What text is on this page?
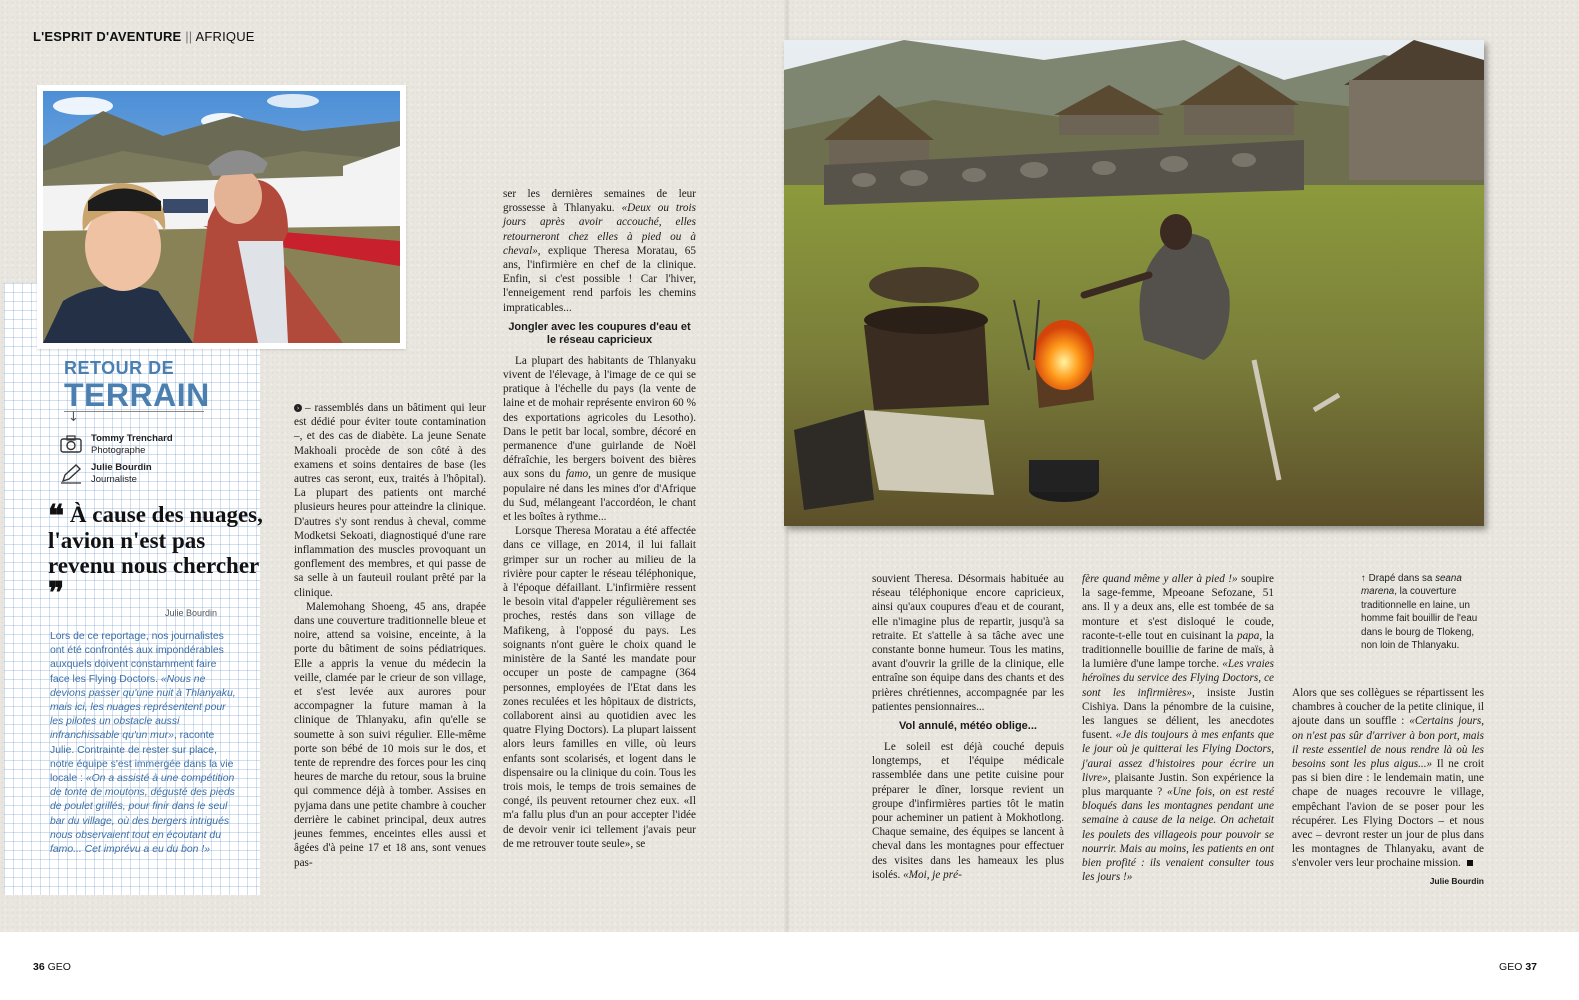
L'ESPRIT D'AVENTURE || AFRIQUE
RETOUR DE
TERRAIN
↓
Tommy Trenchard
Photographe
Julie Bourdin
Journaliste
❝ À cause des nuages, l'avion n'est pas revenu nous chercher ❞
Julie Bourdin
Lors de ce reportage, nos journalistes ont été confrontés aux impondérables auxquels doivent constamment faire face les Flying Doctors. «Nous ne devions passer qu'une nuit à Thlanyaku, mais ici, les nuages représentent pour les pilotes un obstacle aussi infranchissable qu'un mur», raconte Julie. Contrainte de rester sur place, notre équipe s'est immergée dans la vie locale : «On a assisté à une compétition de tonte de moutons, dégusté des pieds de poulet grillés, pour finir dans le seul bar du village, où des bergers intrigués nous observaient tout en écoutant du famo... Cet imprévu a eu du bon !»

› – rassemblés dans un bâtiment qui leur est dédié pour éviter toute contamination –, et des cas de diabète. La jeune Senate Makhoali procède de son côté à des examens et soins dentaires de base (les autres cas seront, eux, traités à l'hôpital). La plupart des patients ont marché plusieurs heures pour atteindre la clinique. D'autres s'y sont rendus à cheval, comme Modketsi Sekoati, diagnostiqué d'une rare inflammation des muscles provoquant un gonflement des membres, et qui passe de sa selle à un fauteuil roulant prêté par la clinique.

Malemohang Shoeng, 45 ans, drapée dans une couverture traditionnelle bleue et noire, attend sa voisine, enceinte, à la porte du bâtiment de soins pédiatriques. Elle a appris la venue du médecin la veille, clamée par le crieur de son village, et s'est levée aux aurores pour accompagner la future maman à la clinique de Thlanyaku, afin qu'elle se soumette à son suivi régulier. Elle-même porte son bébé de 10 mois sur le dos, et tente de reprendre des forces pour les cinq heures de marche du retour, sous la bruine qui commence déjà à tomber. Assises en pyjama dans une petite chambre à coucher derrière le cabinet principal, deux autres jeunes femmes, enceintes elles aussi et âgées d'à peine 17 et 18 ans, sont venues pas-

ser les dernières semaines de leur grossesse à Thlanyaku. «Deux ou trois jours après avoir accouché, elles retourneront chez elles à pied ou à cheval», explique Theresa Moratau, 65 ans, l'infirmière en chef de la clinique. Enfin, si c'est possible ! Car l'hiver, l'enneigement rend parfois les chemins impraticables...

Jongler avec les coupures d'eau et le réseau capricieux

La plupart des habitants de Thlanyaku vivent de l'élevage, à l'image de ce qui se pratique à l'échelle du pays (la vente de laine et de mohair représente environ 60 % des exportations agricoles du Lesotho). Dans le petit bar local, sombre, décoré en permanence d'une guirlande de Noël défraîchie, les bergers boivent des bières aux sons du famo, un genre de musique populaire né dans les mines d'or d'Afrique du Sud, mélangeant l'accordéon, le chant et les boîtes à rythme...

Lorsque Theresa Moratau a été affectée dans ce village, en 2014, il lui fallait grimper sur un rocher au milieu de la rivière pour capter le réseau téléphonique, à l'époque défaillant. L'infirmière ressent le besoin vital d'appeler régulièrement ses proches, restés dans son village de Mafikeng, à l'opposé du pays. Les soignants n'ont guère le choix quand le ministère de la Santé les mandate pour occuper un poste de campagne (364 personnes, employées de l'Etat dans les zones reculées et les hôpitaux de districts, collaborent ainsi au quotidien avec les quatre Flying Doctors). La plupart laissent alors leurs familles en ville, où leurs enfants sont scolarisés, et logent dans le dispensaire ou la clinique du coin. Tous les trois mois, le temps de trois semaines de congé, ils peuvent retourner chez eux. «Il m'a fallu plus d'un an pour accepter l'idée de devoir venir ici tellement j'avais peur de me retrouver toute seule», se

souvient Theresa. Désormais habituée au réseau téléphonique encore capricieux, ainsi qu'aux coupures d'eau et de courant, elle n'imagine plus de repartir, jusqu'à sa retraite. Et s'attelle à sa tâche avec une constante bonne humeur. Tous les matins, avant d'ouvrir la grille de la clinique, elle entraîne son équipe dans des chants et des prières chrétiennes, accompagnée par les patientes pensionnaires...

Vol annulé, météo oblige...

Le soleil est déjà couché depuis longtemps, et l'équipe médicale rassemblée dans une petite cuisine pour préparer le dîner, lorsque revient un groupe d'infirmières parties tôt le matin pour acheminer un patient à Mokhotlong. Chaque semaine, des équipes se lancent à cheval dans les montagnes pour effectuer des visites dans les hameaux les plus isolés. «Moi, je pré-

fère quand même y aller à pied !» soupire la sage-femme, Mpeoane Sefozane, 51 ans. Il y a deux ans, elle est tombée de sa monture et s'est disloqué le coude, raconte-t-elle tout en cuisinant la papa, la traditionnelle bouillie de farine de maïs, à la lumière d'une lampe torche. «Les vraies héroïnes du service des Flying Doctors, ce sont les infirmières», insiste Justin Cishiya. Dans la pénombre de la cuisine, les langues se délient, les anecdotes fusent. «Je dis toujours à mes enfants que le jour où je quitterai les Flying Doctors, j'aurai assez d'histoires pour écrire un livre», plaisante Justin. Son expérience la plus marquante ? «Une fois, on est resté bloqués dans les montagnes pendant une semaine à cause de la neige. On achetait les poulets des villageois pour pouvoir se nourrir. Mais au moins, les patients en ont bien profité : ils venaient consulter tous les jours !»

Alors que ses collègues se répartissent les chambres à coucher de la petite clinique, il ajoute dans un souffle : «Certains jours, on n'est pas sûr d'arriver à bon port, mais il reste essentiel de nous rendre là où les besoins sont les plus aigus...» Il ne croit pas si bien dire : le lendemain matin, une chape de nuages recouvre le village, empêchant l'avion de se poser pour les récupérer. Les Flying Doctors – et nous avec – devront rester un jour de plus dans les montagnes de Thlanyaku, avant de s'envoler vers leur prochaine mission.

Julie Bourdin
↑ Drapé dans sa seana marena, la couverture traditionnelle en laine, un homme fait bouillir de l'eau dans le bourg de Tlokeng, non loin de Thlanyaku.
36 GEO	GEO 37
